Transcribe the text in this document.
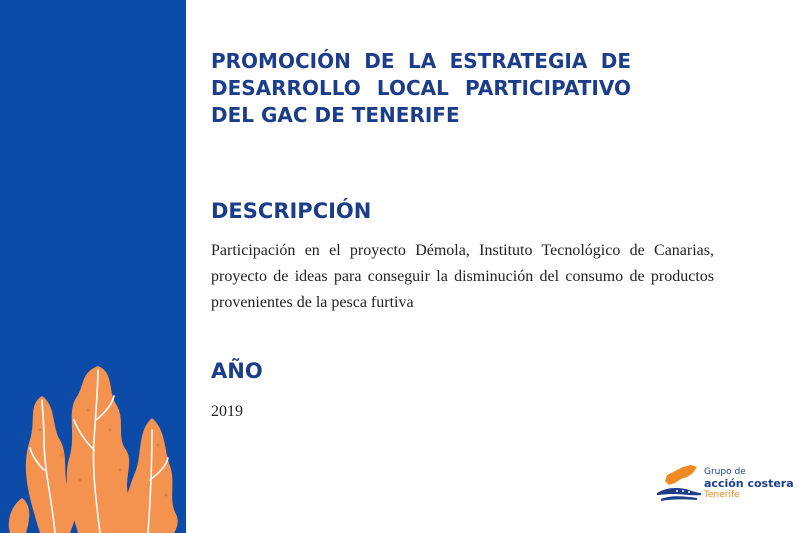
PROMOCIÓN DE LA ESTRATEGIA DE DESARROLLO LOCAL PARTICIPATIVO DEL GAC DE TENERIFE
DESCRIPCIÓN
Participación en el proyecto Démola, Instituto Tecnológico de Canarias, proyecto de ideas para conseguir la disminución del consumo de productos provenientes de la pesca furtiva
AÑO
2019
Grupo de
acción costera
Tenerife
